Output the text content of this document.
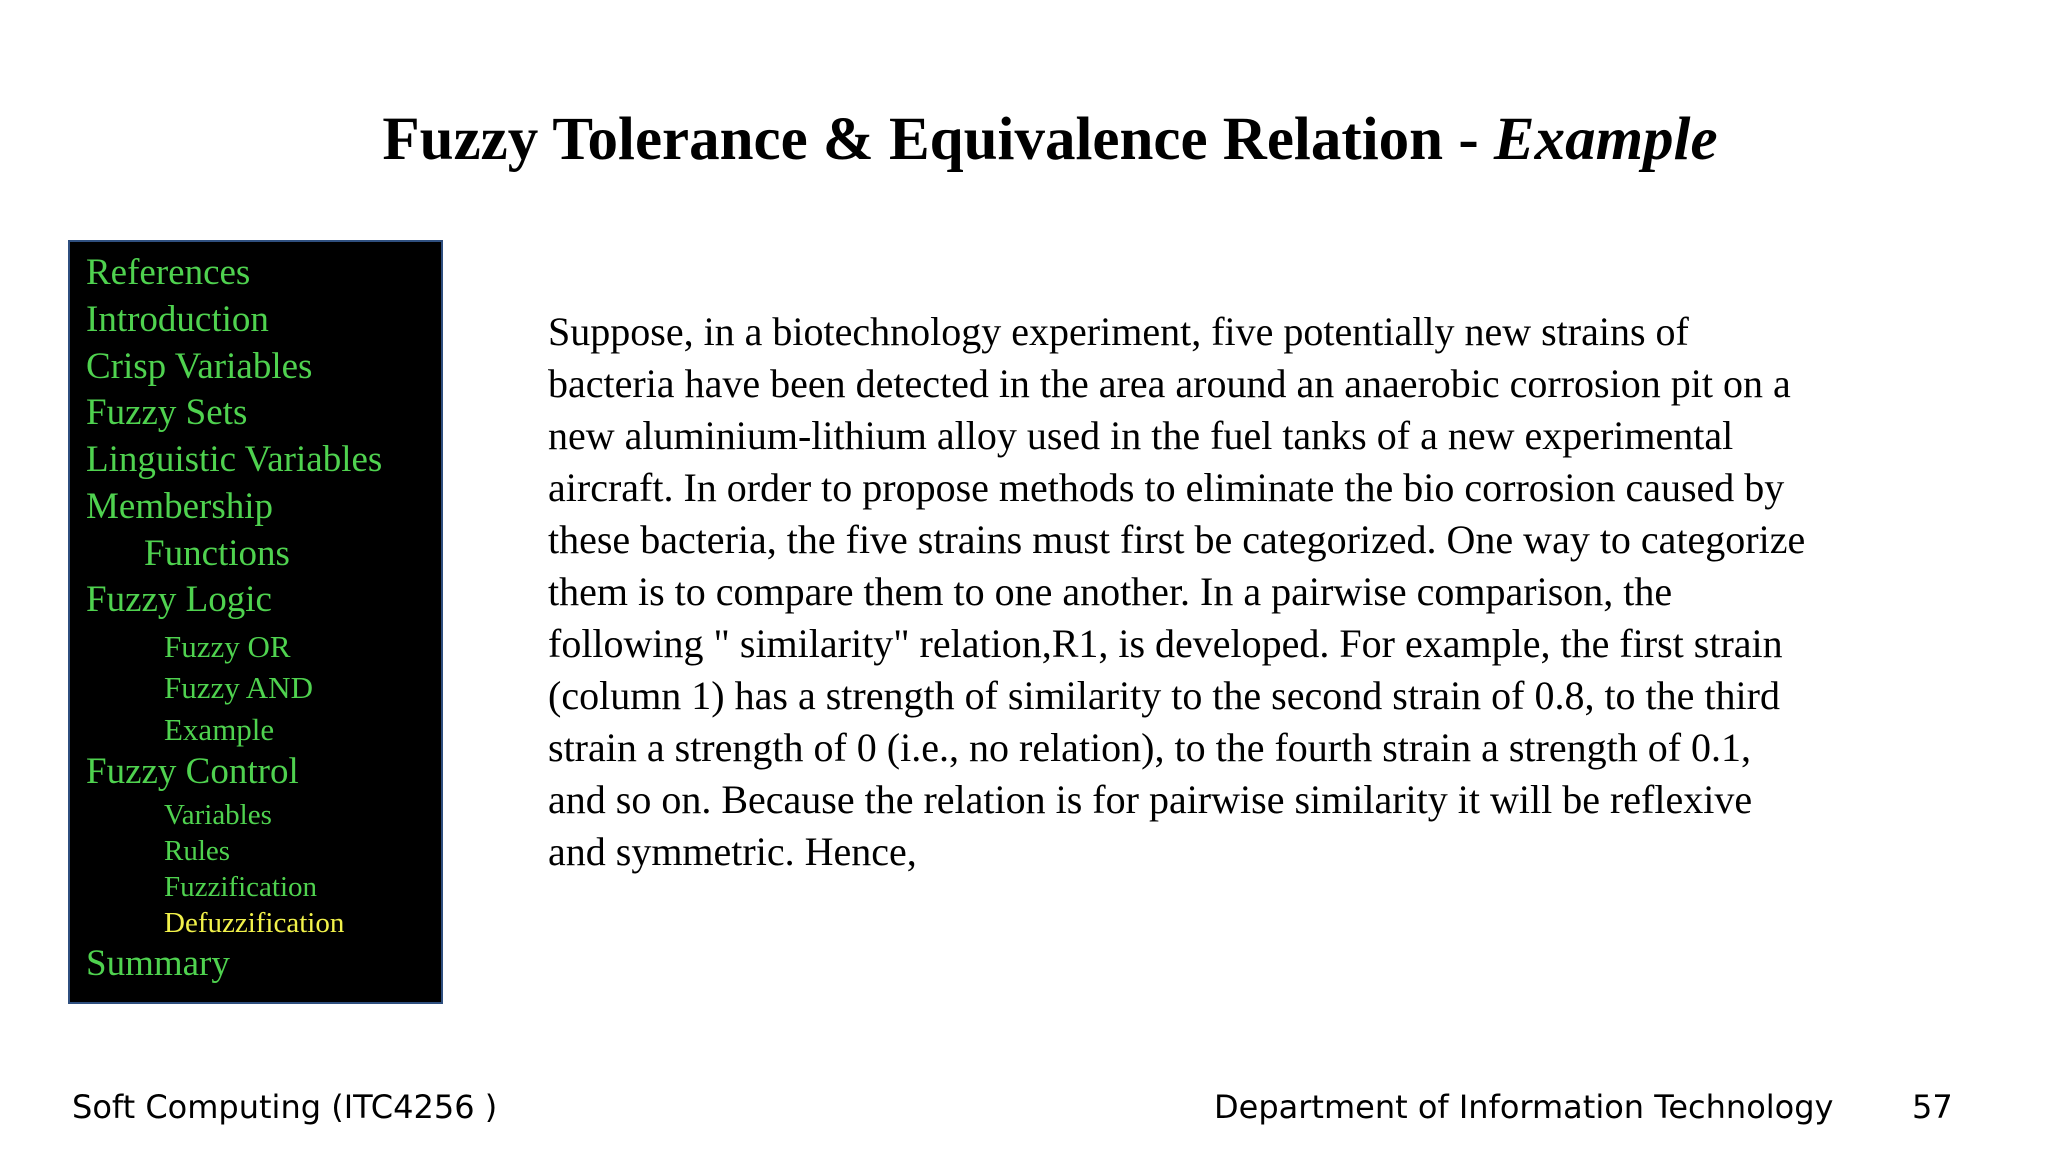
Fuzzy Tolerance & Equivalence Relation - Example
References
Introduction
Crisp Variables
Fuzzy Sets
Linguistic Variables
Membership
Functions
Fuzzy Logic
Fuzzy OR
Fuzzy AND
Example
Fuzzy Control
Variables
Rules
Fuzzification
Defuzzification
Summary
Suppose, in a biotechnology experiment, five potentially new strains of
bacteria have been detected in the area around an anaerobic corrosion pit on a
new aluminium-lithium alloy used in the fuel tanks of a new experimental
aircraft. In order to propose methods to eliminate the bio corrosion caused by
these bacteria, the five strains must first be categorized. One way to categorize
them is to compare them to one another. In a pairwise comparison, the
following " similarity" relation,R1, is developed. For example, the first strain
(column 1) has a strength of similarity to the second strain of 0.8, to the third
strain a strength of 0 (i.e., no relation), to the fourth strain a strength of 0.1,
and so on. Because the relation is for pairwise similarity it will be reflexive
and symmetric. Hence,
Soft Computing (ITC4256 )	Department of Information Technology 57
